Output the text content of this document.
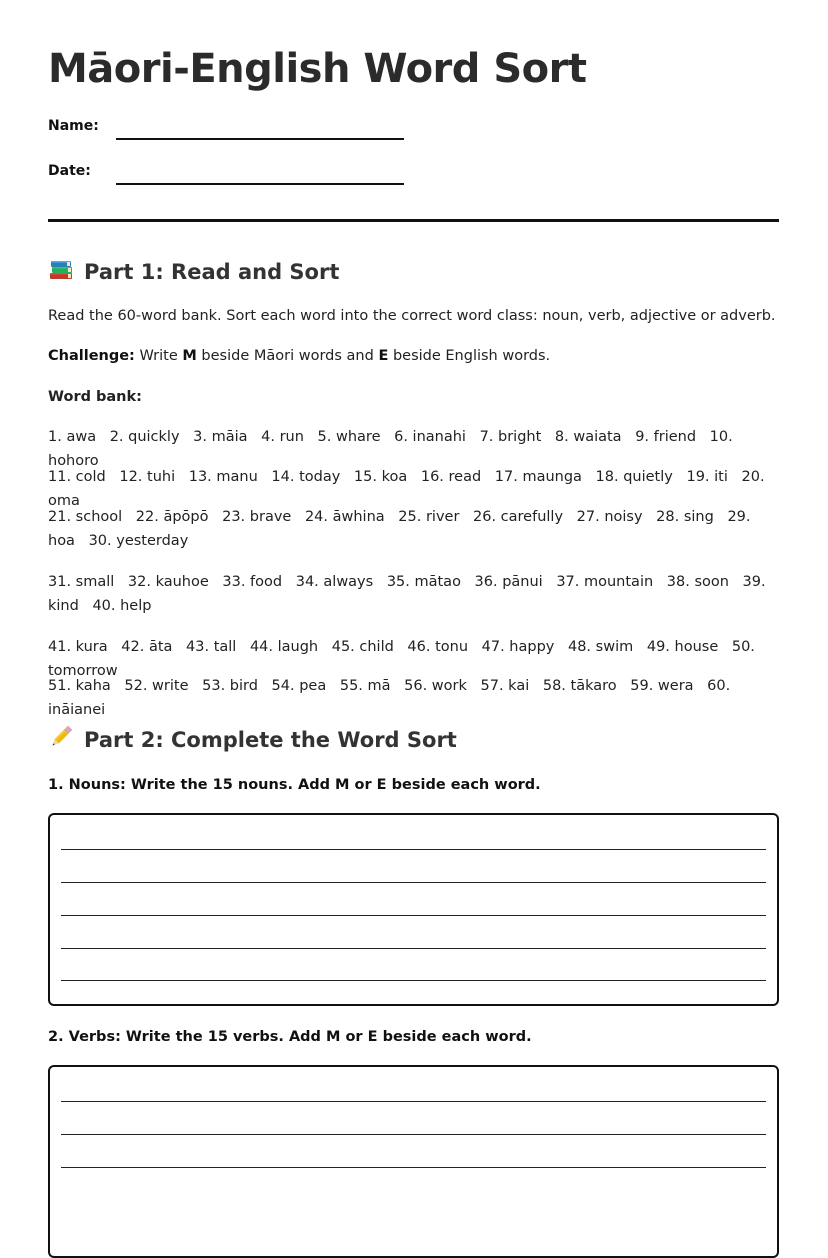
Māori-English Word Sort
Name:
Date:
Part 1: Read and Sort

Read the 60-word bank. Sort each word into the correct word class: noun, verb, adjective or adverb.

Challenge: Write M beside Māori words and E beside English words.

Word bank:

1. awa 2. quickly 3. māia 4. run 5. whare 6. inanahi 7. bright 8. waiata 9. friend 10. hohoro
11. cold 12. tuhi 13. manu 14. today 15. koa 16. read 17. maunga 18. quietly 19. iti 20. oma
21. school 22. āpōpō 23. brave 24. āwhina 25. river 26. carefully 27. noisy 28. sing 29. hoa 30. yesterday
31. small 32. kauhoe 33. food 34. always 35. mātao 36. pānui 37. mountain 38. soon 39. kind 40. help
41. kura 42. āta 43. tall 44. laugh 45. child 46. tonu 47. happy 48. swim 49. house 50. tomorrow
51. kaha 52. write 53. bird 54. pea 55. mā 56. work 57. kai 58. tākaro 59. wera 60. ināianei
Part 2: Complete the Word Sort

1. Nouns: Write the 15 nouns. Add M or E beside each word.

2. Verbs: Write the 15 verbs. Add M or E beside each word.
